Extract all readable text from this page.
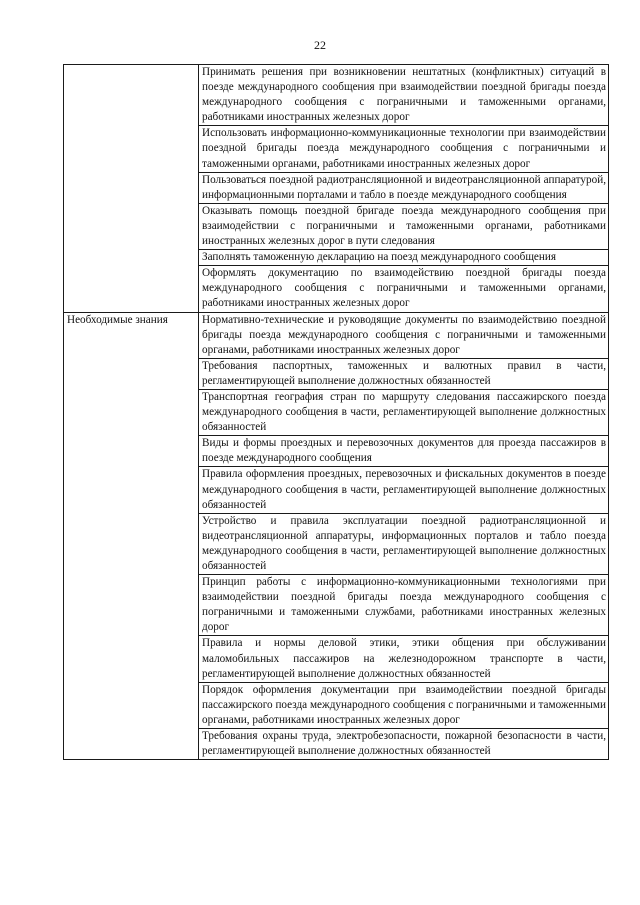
22
	Принимать решения при возникновении нештатных (конфликтных) ситуаций в поезде международного сообщения при взаимодействии поездной бригады поезда международного сообщения с пограничными и таможенными органами, работниками иностранных железных дорог
	Использовать информационно-коммуникационные технологии при взаимодействии поездной бригады поезда международного сообщения с пограничными и таможенными органами, работниками иностранных железных дорог
	Пользоваться поездной радиотрансляционной и видеотрансляционной аппаратурой, информационными порталами и табло в поезде международного сообщения
	Оказывать помощь поездной бригаде поезда международного сообщения при взаимодействии с пограничными и таможенными органами, работниками иностранных железных дорог в пути следования
	Заполнять таможенную декларацию на поезд международного сообщения
	Оформлять документацию по взаимодействию поездной бригады поезда международного сообщения с пограничными и таможенными органами, работниками иностранных железных дорог
Необходимые знания	Нормативно-технические и руководящие документы по взаимодействию поездной бригады поезда международного сообщения с пограничными и таможенными органами, работниками иностранных железных дорог
	Требования паспортных, таможенных и валютных правил в части, регламентирующей выполнение должностных обязанностей
	Транспортная география стран по маршруту следования пассажирского поезда международного сообщения в части, регламентирующей выполнение должностных обязанностей
	Виды и формы проездных и перевозочных документов для проезда пассажиров в поезде международного сообщения
	Правила оформления проездных, перевозочных и фискальных документов в поезде международного сообщения в части, регламентирующей выполнение должностных обязанностей
	Устройство и правила эксплуатации поездной радиотрансляционной и видеотрансляционной аппаратуры, информационных порталов и табло поезда международного сообщения в части, регламентирующей выполнение должностных обязанностей
	Принцип работы с информационно-коммуникационными технологиями при взаимодействии поездной бригады поезда международного сообщения с пограничными и таможенными службами, работниками иностранных железных дорог
	Правила и нормы деловой этики, этики общения при обслуживании маломобильных пассажиров на железнодорожном транспорте в части, регламентирующей выполнение должностных обязанностей
	Порядок оформления документации при взаимодействии поездной бригады пассажирского поезда международного сообщения с пограничными и таможенными органами, работниками иностранных железных дорог
	Требования охраны труда, электробезопасности, пожарной безопасности в части, регламентирующей выполнение должностных обязанностей
